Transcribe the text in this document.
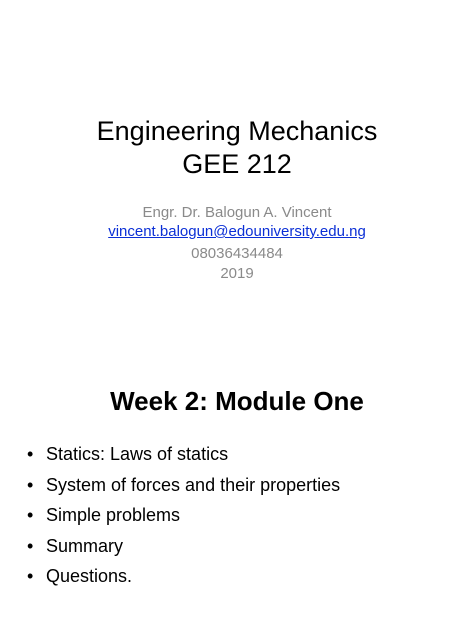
Engineering Mechanics
GEE 212
Engr. Dr. Balogun A. Vincent
vincent.balogun@edouniversity.edu.ng
08036434484
2019
Week 2: Module One
• Statics: Laws of statics
• System of forces and their properties
• Simple problems
• Summary
• Questions.
